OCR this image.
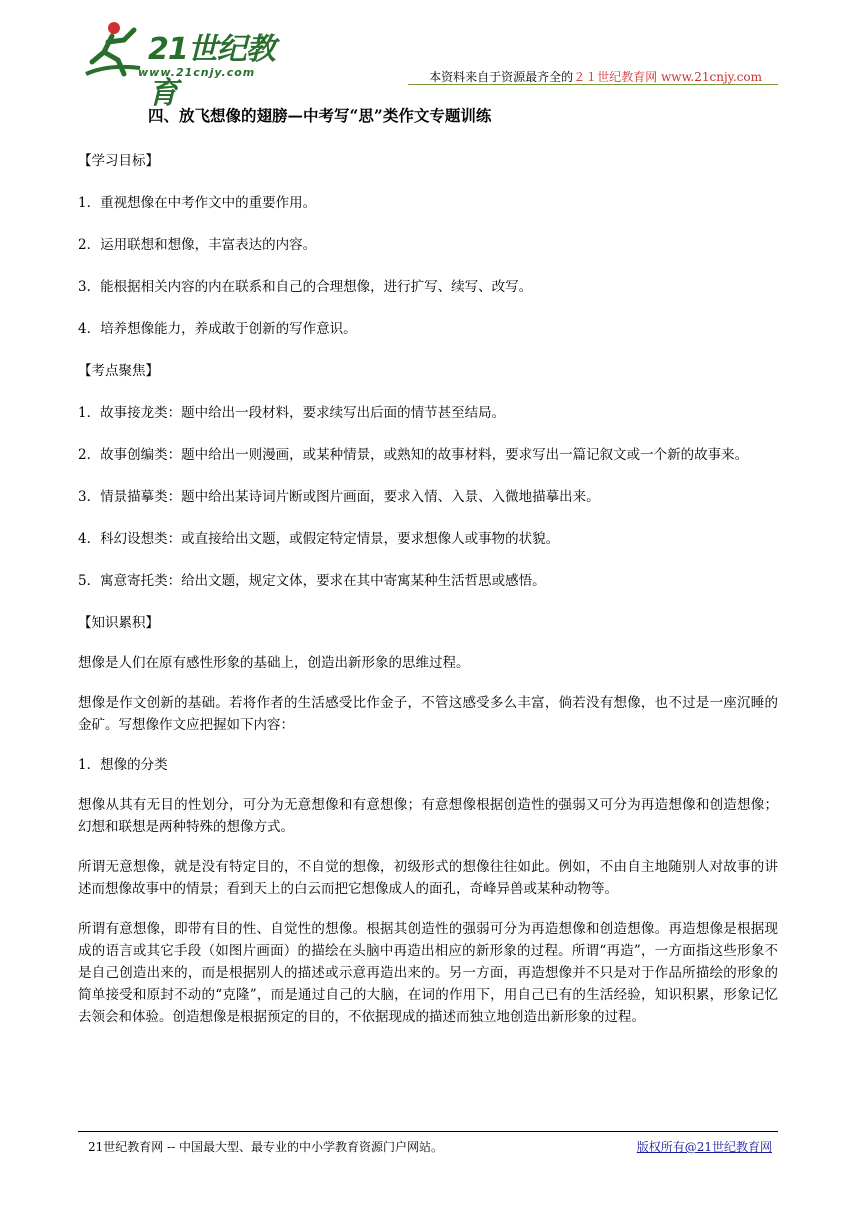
21世纪教育
www.21cnjy.com	本资料来自于资源最齐全的２１世纪教育网 www.21cnjy.com
四、放飞想像的翅膀—中考写“思”类作文专题训练

【学习目标】

1．重视想像在中考作文中的重要作用。

2．运用联想和想像，丰富表达的内容。

3．能根据相关内容的内在联系和自己的合理想像，进行扩写、续写、改写。

4．培养想像能力，养成敢于创新的写作意识。

【考点聚焦】

1．故事接龙类：题中给出一段材料，要求续写出后面的情节甚至结局。

2．故事创编类：题中给出一则漫画，或某种情景，或熟知的故事材料，要求写出一篇记叙文或一个新的故事来。

3．情景描摹类：题中给出某诗词片断或图片画面，要求入情、入景、入微地描摹出来。

4．科幻设想类：或直接给出文题，或假定特定情景，要求想像人或事物的状貌。

5．寓意寄托类：给出文题，规定文体，要求在其中寄寓某种生活哲思或感悟。

【知识累积】

想像是人们在原有感性形象的基础上，创造出新形象的思维过程。

想像是作文创新的基础。若将作者的生活感受比作金子，不管这感受多么丰富，倘若没有想像，也不过是一座沉睡的金矿。写想像作文应把握如下内容：

1．想像的分类

想像从其有无目的性划分，可分为无意想像和有意想像；有意想像根据创造性的强弱又可分为再造想像和创造想像；幻想和联想是两种特殊的想像方式。

所谓无意想像，就是没有特定目的，不自觉的想像，初级形式的想像往往如此。例如，不由自主地随别人对故事的讲述而想像故事中的情景；看到天上的白云而把它想像成人的面孔，奇峰异兽或某种动物等。

所谓有意想像，即带有目的性、自觉性的想像。根据其创造性的强弱可分为再造想像和创造想像。再造想像是根据现成的语言或其它手段（如图片画面）的描绘在头脑中再造出相应的新形象的过程。所谓“再造”，一方面指这些形象不是自己创造出来的，而是根据别人的描述或示意再造出来的。另一方面，再造想像并不只是对于作品所描绘的形象的简单接受和原封不动的“克隆”，而是通过自己的大脑，在词的作用下，用自己已有的生活经验，知识积累，形象记忆去领会和体验。创造想像是根据预定的目的，不依据现成的描述而独立地创造出新形象的过程。

21世纪教育网 -- 中国最大型、最专业的中小学教育资源门户网站。	版权所有@21世纪教育网
